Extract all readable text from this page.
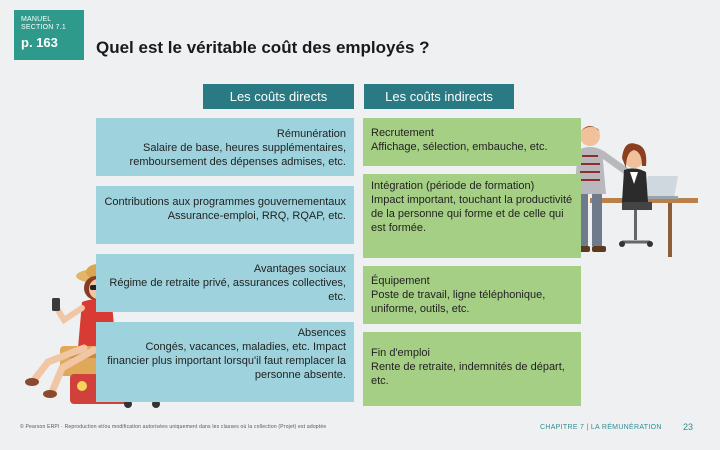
MANUEL
SECTION 7.1
p. 163	Quel est le véritable coût des employés ?
Les coûts directs	Les coûts indirects
Rémunération
Salaire de base, heures supplémentaires, remboursement des dépenses admises, etc.
Contributions aux programmes gouvernementaux
Assurance-emploi, RRQ, RQAP, etc.
Avantages sociaux
Régime de retraite privé, assurances collectives, etc.
Absences
Congés, vacances, maladies, etc. Impact financier plus important lorsqu'il faut remplacer la personne absente.
Recrutement
Affichage, sélection, embauche, etc.
Intégration (période de formation)
Impact important, touchant la productivité de la personne qui forme et de celle qui est formée.
Équipement
Poste de travail, ligne téléphonique, uniforme, outils, etc.
Fin d'emploi
Rente de retraite, indemnités de départ, etc.
© Pearson ERPI · Reproduction et/ou modification autorisées uniquement dans les classes où la collection (Projet) est adoptée	CHAPITRE 7 | LA RÉMUNÉRATION 23
